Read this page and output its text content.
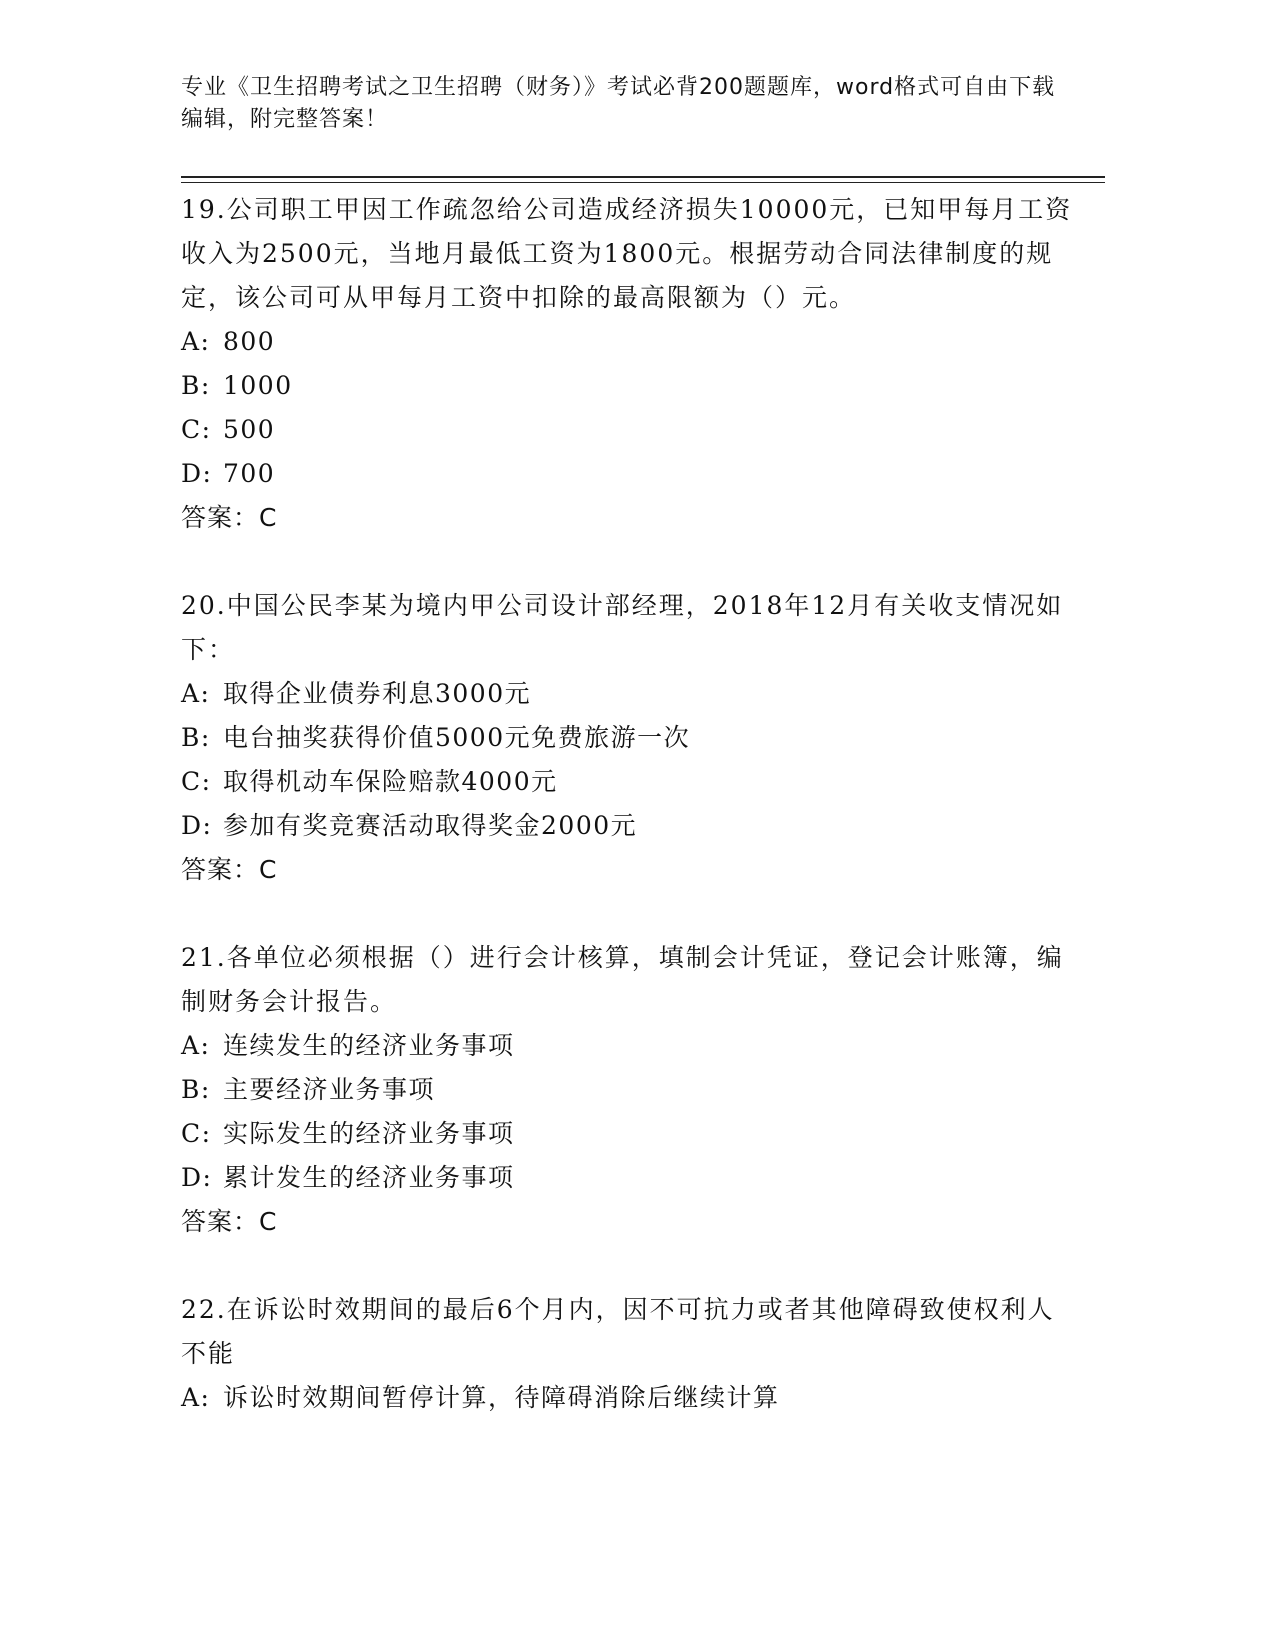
专业《卫生招聘考试之卫生招聘（财务）》考试必背200题题库，word格式可自由下载编辑，附完整答案！
19.公司职工甲因工作疏忽给公司造成经济损失10000元，已知甲每月工资收入为2500元，当地月最低工资为1800元。根据劳动合同法律制度的规定，该公司可从甲每月工资中扣除的最高限额为（）元。
A: 800
B: 1000
C: 500
D: 700
答案：C
20.中国公民李某为境内甲公司设计部经理，2018年12月有关收支情况如下：
A: 取得企业债券利息3000元
B: 电台抽奖获得价值5000元免费旅游一次
C: 取得机动车保险赔款4000元
D: 参加有奖竞赛活动取得奖金2000元
答案：C
21.各单位必须根据（）进行会计核算，填制会计凭证，登记会计账簿，编制财务会计报告。
A: 连续发生的经济业务事项
B: 主要经济业务事项
C: 实际发生的经济业务事项
D: 累计发生的经济业务事项
答案：C
22.在诉讼时效期间的最后6个月内，因不可抗力或者其他障碍致使权利人不能
A: 诉讼时效期间暂停计算，待障碍消除后继续计算
